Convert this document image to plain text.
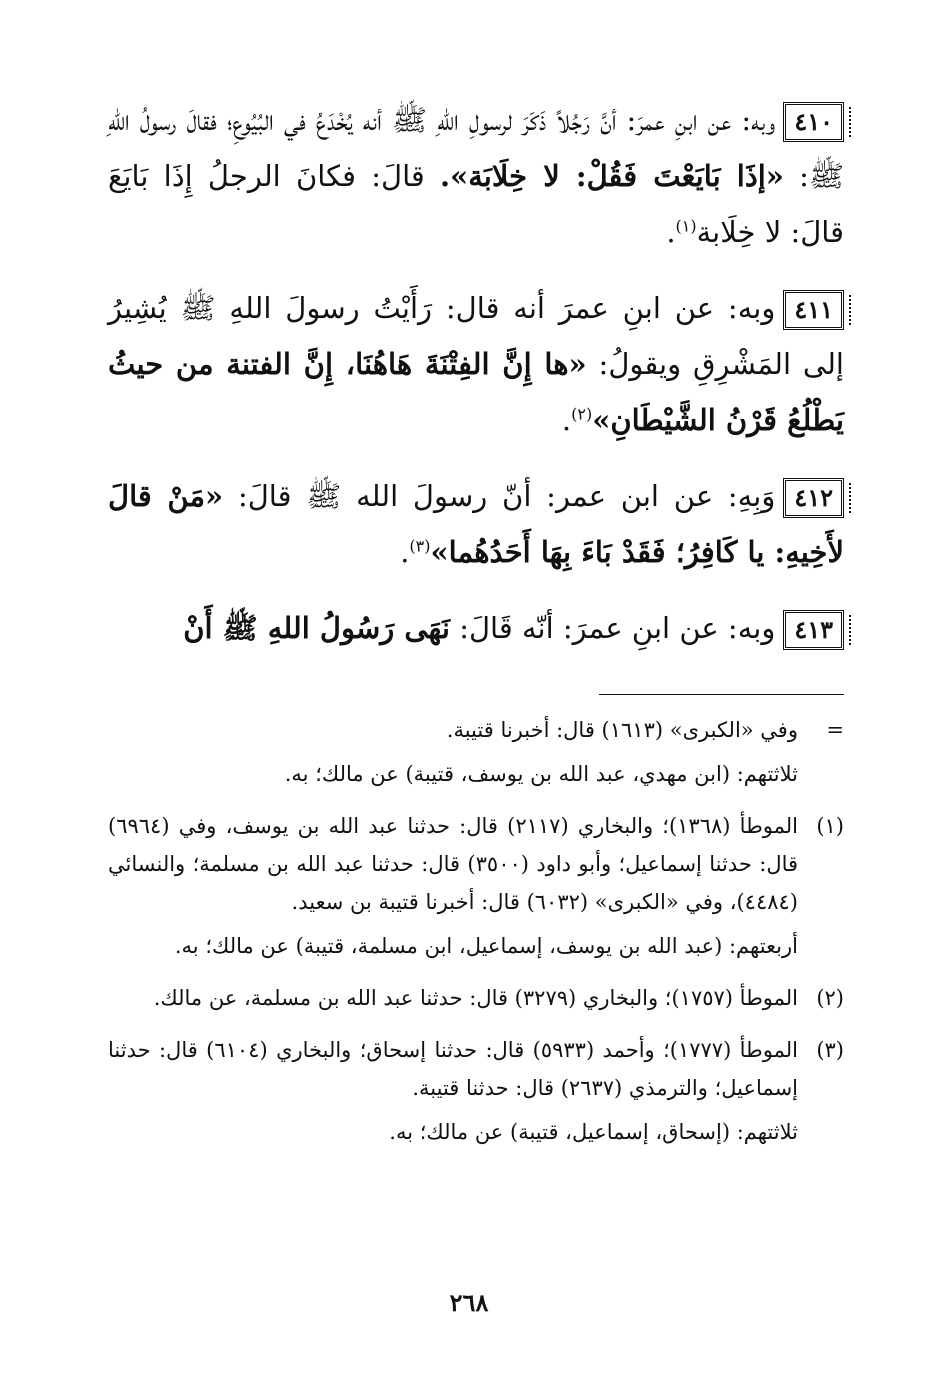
٤١٠وبه: عن ابنِ عمرَ: أنَّ رَجُلاً ذَكَرَ لرسولِ اللهِ ﷺ أنه يُخْدَعُ في البُيُوعِ؛ فقالَ رسولُ اللهِ ﷺ: «إذَا بَايَعْتَ فَقُلْ: لا خِلَابَة». قالَ: فكانَ الرجلُ إِذَا بَايَعَ قالَ: لا خِلَابة$^{(١)}$.
٤١١وبه: عن ابنِ عمرَ أنه قال: رَأَيْتُ رسولَ اللهِ ﷺ يُشِيرُ إلى المَشْرِقِ ويقولُ: «ها إِنَّ الفِتْنَةَ هَاهُنَا، إِنَّ الفتنة من حيثُ يَطْلُعُ قَرْنُ الشَّيْطَانِ»$^{(٢)}$.
٤١٢وَبِهِ: عن ابن عمر: أنّ رسولَ الله ﷺ قالَ: «مَنْ قالَ لأَخِيهِ: يا كَافِرُ؛ فَقَدْ بَاءَ بِهَا أَحَدُهُما»$^{(٣)}$.
٤١٣وبه: عن ابنِ عمرَ: أنّه قَالَ: نَهَى رَسُولُ اللهِ ﷺ أَنْ
=

وفي «الكبرى» (١٦١٣) قال: أخبرنا قتيبة.

ثلاثتهم: (ابن مهدي، عبد الله بن يوسف، قتيبة) عن مالك؛ به.

(١)

الموطأ (١٣٦٨)؛ والبخاري (٢١١٧) قال: حدثنا عبد الله بن يوسف، وفي (٦٩٦٤) قال: حدثنا إسماعيل؛ وأبو داود (٣٥٠٠) قال: حدثنا عبد الله بن مسلمة؛ والنسائي (٤٤٨٤)، وفي «الكبرى» (٦٠٣٢) قال: أخبرنا قتيبة بن سعيد.

أربعتهم: (عبد الله بن يوسف، إسماعيل، ابن مسلمة، قتيبة) عن مالك؛ به.

(٢)

الموطأ (١٧٥٧)؛ والبخاري (٣٢٧٩) قال: حدثنا عبد الله بن مسلمة، عن مالك.

(٣)

الموطأ (١٧٧٧)؛ وأحمد (٥٩٣٣) قال: حدثنا إسحاق؛ والبخاري (٦١٠٤) قال: حدثنا إسماعيل؛ والترمذي (٢٦٣٧) قال: حدثنا قتيبة.

ثلاثتهم: (إسحاق، إسماعيل، قتيبة) عن مالك؛ به.

٢٦٨
